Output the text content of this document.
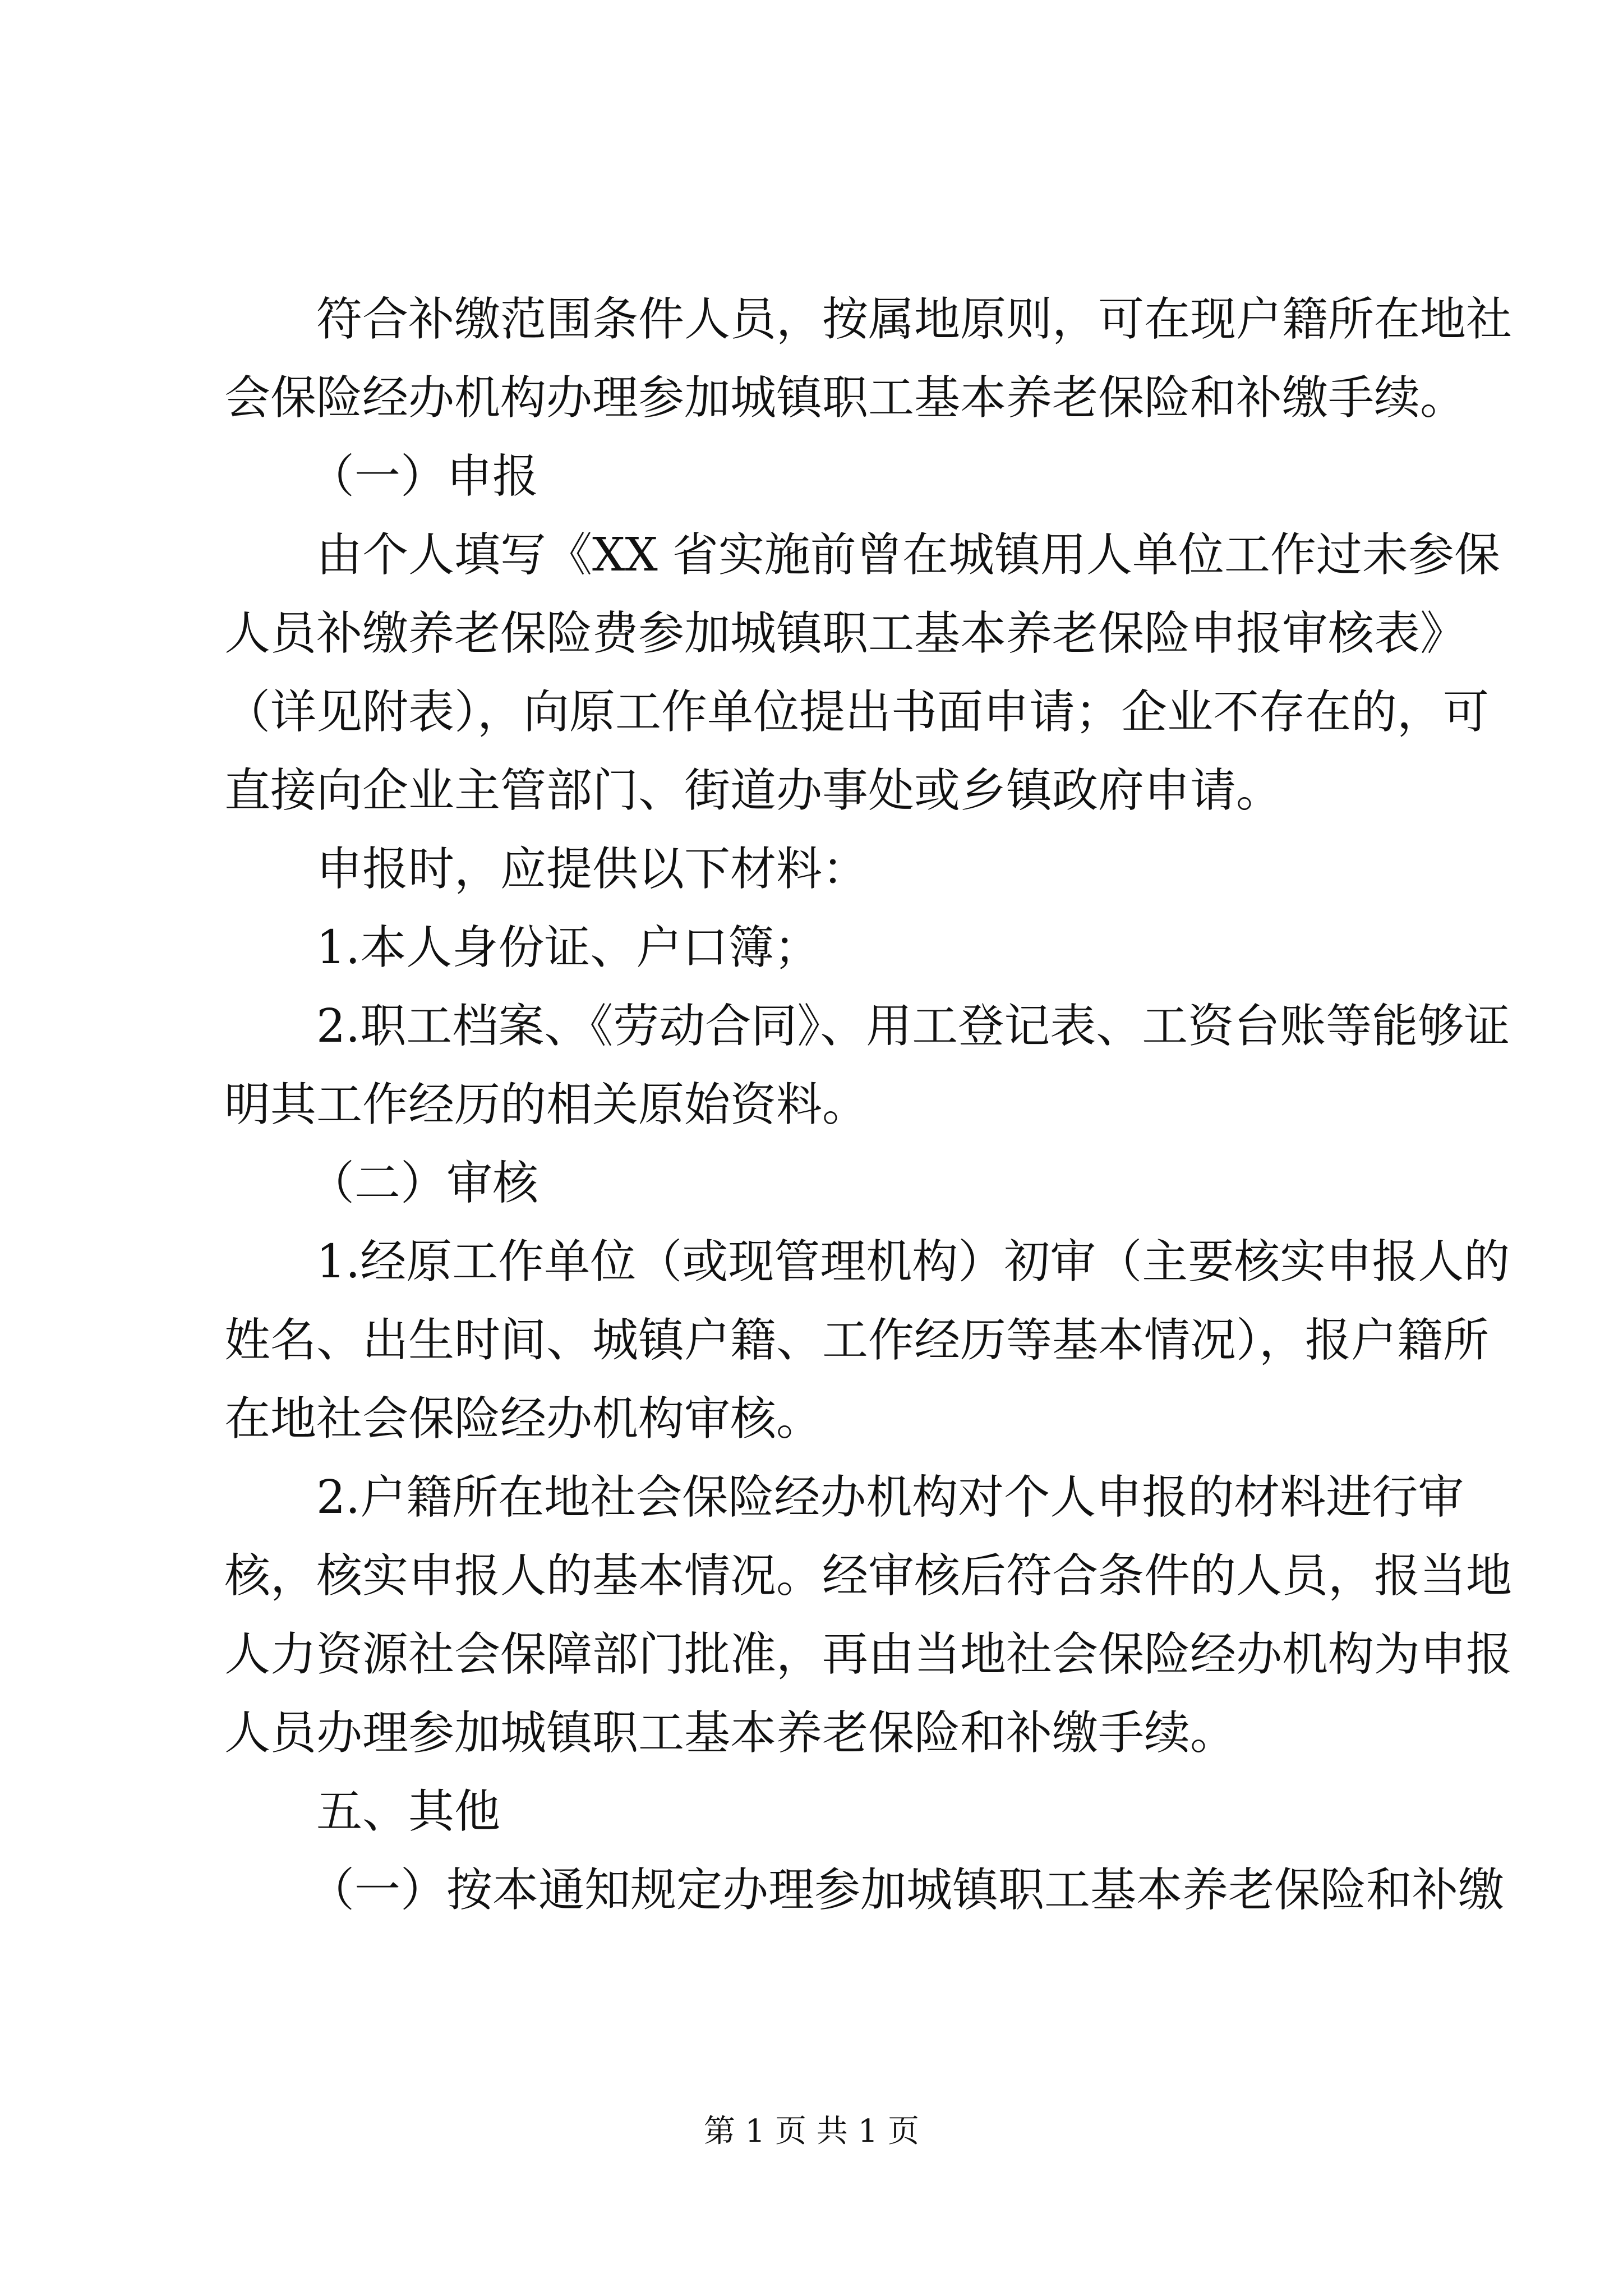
符合补缴范围条件人员，按属地原则，可在现户籍所在地社
会保险经办机构办理参加城镇职工基本养老保险和补缴手续。
（一）申报
由个人填写《XX 省实施前曾在城镇用人单位工作过未参保
人员补缴养老保险费参加城镇职工基本养老保险申报审核表》
（详见附表），向原工作单位提出书面申请；企业不存在的，可
直接向企业主管部门、街道办事处或乡镇政府申请。
申报时，应提供以下材料：
1.本人身份证、户口簿；
2.职工档案、《劳动合同》、用工登记表、工资台账等能够证
明其工作经历的相关原始资料。
（二）审核
1.经原工作单位（或现管理机构）初审（主要核实申报人的
姓名、出生时间、城镇户籍、工作经历等基本情况），报户籍所
在地社会保险经办机构审核。
2.户籍所在地社会保险经办机构对个人申报的材料进行审
核，核实申报人的基本情况。经审核后符合条件的人员，报当地
人力资源社会保障部门批准，再由当地社会保险经办机构为申报
人员办理参加城镇职工基本养老保险和补缴手续。
五、其他
（一）按本通知规定办理参加城镇职工基本养老保险和补缴
第 1 页 共 1 页
